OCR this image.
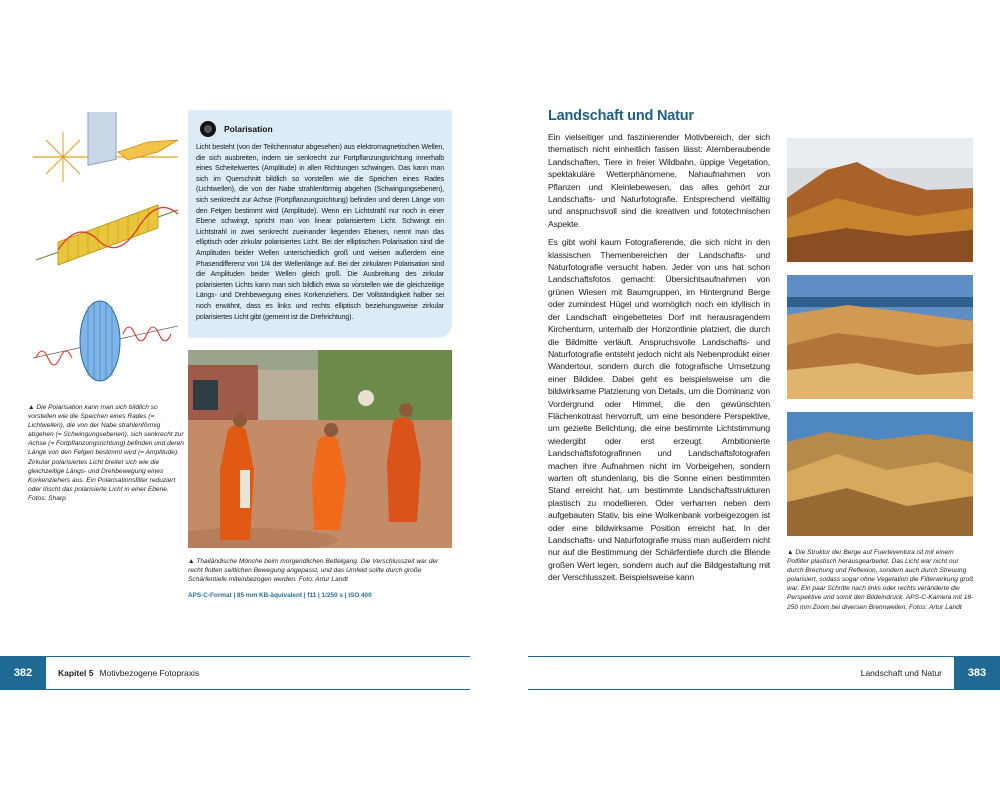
▲ Die Polarisation kann man sich bildlich so vorstellen wie die Speichen eines Rades (= Lichtwellen), die von der Nabe strahlenförmig abgehen (= Schwingungsebenen), sich senkrecht zur Achse (= Fortpflanzungsrichtung) befinden und deren Länge von den Felgen bestimmt wird (= Amplitude). Zirkular polarisiertes Licht breitet sich wie die gleichzeitige Längs- und Drehbewegung eines Korkenziehers aus. Ein Polarisationsfilter reduziert oder löscht das polarisierte Licht in einer Ebene. Fotos: Sharp

Polarisation

Licht besteht (von der Teilchennatur abgesehen) aus elektromagnetischen Wellen, die sich ausbreiten, indem sie senkrecht zur Fortpflanzungsrichtung innerhalb eines Scheitelwertes (Amplitude) in allen Richtungen schwingen. Das kann man sich im Querschnitt bildlich so vorstellen wie die Speichen eines Rades (Lichtwellen), die von der Nabe strahlenförmig abgehen (Schwingungsebenen), sich senkrecht zur Achse (Fortpflanzungsrichtung) befinden und deren Länge von den Felgen bestimmt wird (Amplitude). Wenn ein Lichtstrahl nur noch in einer Ebene schwingt, spricht man von linear polarisiertem Licht. Schwingt ein Lichtstrahl in zwei senkrecht zueinander liegenden Ebenen, nennt man das elliptisch oder zirkular polarisiertes Licht. Bei der elliptischen Polarisation sind die Amplituden beider Wellen unterschiedlich groß und weisen außerdem eine Phasendifferenz von 1/4 der Wellenlänge auf. Bei der zirkularen Polarisation sind die Amplituden beider Wellen gleich groß. Die Ausbreitung des zirkular polarisierten Lichts kann man sich bildlich etwa so vorstellen wie die gleichzeitige Längs- und Drehbewegung eines Korkenziehers. Der Vollständigkeit halber sei noch erwähnt, dass es links und rechts elliptisch beziehungsweise zirkular polarisiertes Licht gibt (gemeint ist die Drehrichtung).

▲ Thailändische Mönche beim morgendlichen Bettelgang. Die Verschlusszeit war der recht flotten seitlichen Bewegung angepasst, und das Umfeld sollte durch große Schärfentiefe miteinbezogen werden. Foto: Artur Landt

APS-C-Format | 85 mm KB-äquivalent | f11 | 1/250 s | ISO 400
Landschaft und Natur

Ein vielseitiger und faszinierender Motivbereich, der sich thematisch nicht einheitlich fassen lässt: Atemberaubende Landschaften, Tiere in freier Wildbahn, üppige Vegetation, spektakuläre Wetterphänomene, Nahaufnahmen von Pflanzen und Kleinlebewesen, das alles gehört zur Landschafts- und Naturfotografie. Entsprechend vielfältig und anspruchsvoll sind die kreativen und fototechnischen Aspekte.

Es gibt wohl kaum Fotografierende, die sich nicht in den klassischen Themenbereichen der Landschafts- und Naturfotografie versucht haben. Jeder von uns hat schon Landschaftsfotos gemacht: Übersichtsaufnahmen von grünen Wiesen mit Baumgruppen, im Hintergrund Berge oder zumindest Hügel und womöglich noch ein idyllisch in der Landschaft eingebettetes Dorf mit herausragendem Kirchenturm, unterhalb der Horizontlinie platziert, die durch die Bildmitte verläuft. Anspruchsvolle Landschafts- und Naturfotografie entsteht jedoch nicht als Nebenprodukt einer Wandertour, sondern durch die fotografische Umsetzung einer Bildidee. Dabei geht es beispielsweise um die bildwirksame Platzierung von Details, um die Dominanz von Vordergrund oder Himmel, die den gewünschten Flächenkotrast hervorruft, um eine besondere Perspektive, um gezielte Belichtung, die eine bestimmte Lichtstimmung wiedergibt oder erst erzeugt. Ambitionierte Landschaftsfotografinnen und Landschaftsfotografen machen ihre Aufnahmen nicht im Vorbeigehen, sondern warten oft stundenlang, bis die Sonne einen bestimmten Stand erreicht hat, um bestimmte Landschaftsstrukturen plastisch zu modellieren. Oder verharren neben dem aufgebauten Stativ, bis eine Wolkenbank vorbeigezogen ist oder eine bildwirksame Position erreicht hat. In der Landschafts- und Naturfotografie muss man außerdem nicht nur auf die Bestimmung der Schärfentiefe durch die Blende großen Wert legen, sondern auch auf die Bildgestaltung mit der Verschlusszeit. Beispielsweise kann

▲ Die Struktur der Berge auf Fuerteventura ist mit einem Polfilter plastisch herausgearbeitet. Das Licht war nicht nur durch Brechung und Reflexion, sondern auch durch Streuung polarisiert, sodass sogar ohne Vegetation die Filterwirkung groß war. Ein paar Schritte nach links oder rechts veränderte die Perspektive und somit den Bildeindruck. APS-C-Kamera mit 18-250 mm Zoom bei diversen Brennweiten. Fotos: Artur Landt

382	Kapitel 5 Motivbezogene Fotopraxis	Landschaft und Natur	383
